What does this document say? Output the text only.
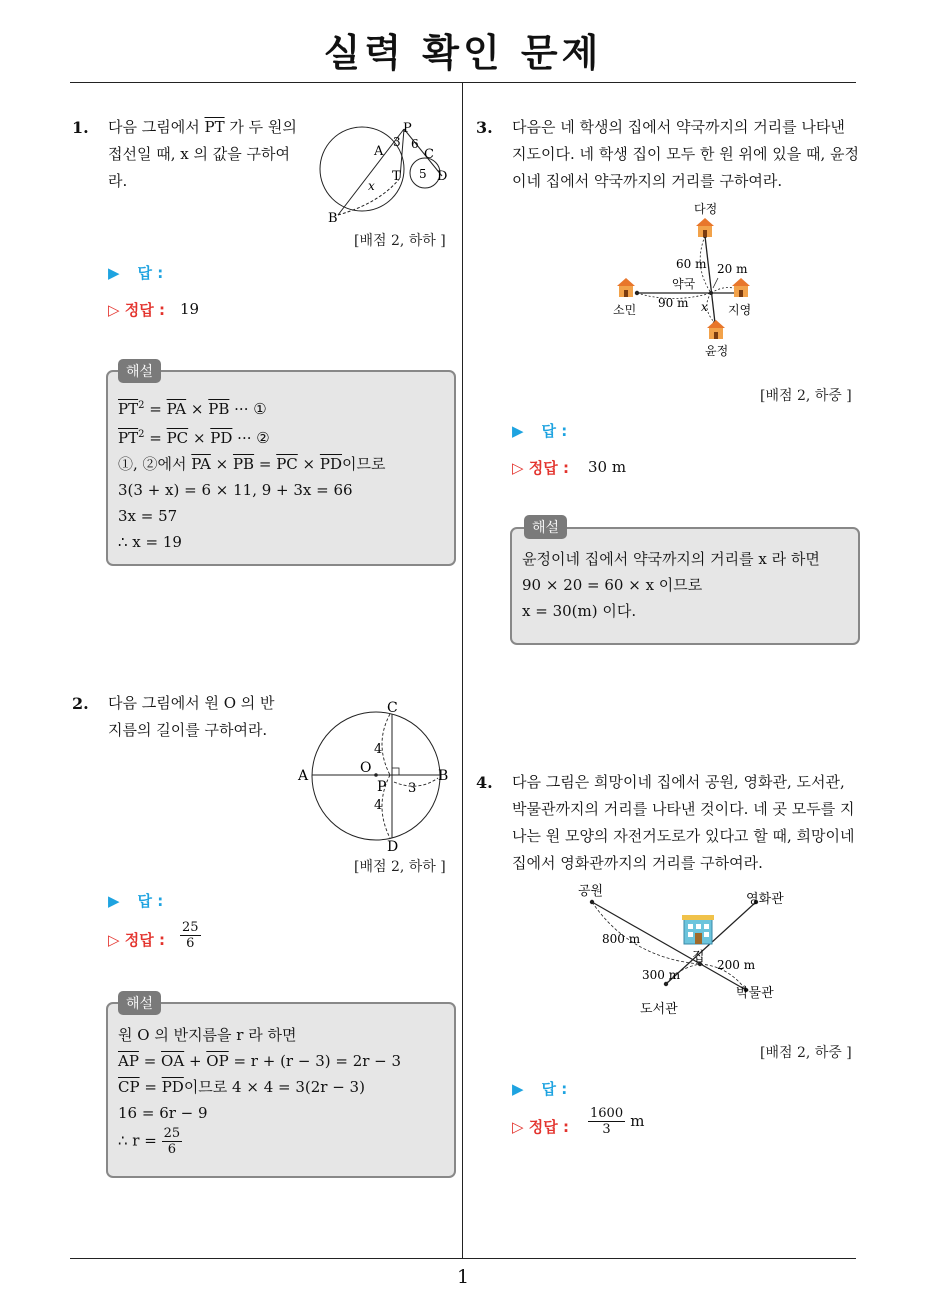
실력 확인 문제
1. 다음 그림에서 $\overline{PT}$ 가 두 원의
접선일 때, x 의 값을 구하여
라.
P
A
B
C
D
T
3 6
5
x
[배점 2, 하하 ]
▶ 답 :
▷ 정답 : 19
해설
$\overline{PT}^2 = \overline{PA} \times \overline{PB}$ ··· ①
$\overline{PT}^2 = \overline{PC} \times \overline{PD}$ ··· ②
①, ②에서 $\overline{PA} \times \overline{PB} = \overline{PC} \times \overline{PD}$이므로
3(3 + x) = 6 × 11, 9 + 3x = 66
3x = 57
∴ x = 19
2. 다음 그림에서 원 O 의 반
지름의 길이를 구하여라.
A	B
C
D
O
P
4
4
3
[배점 2, 하하 ]
▶ 답 :
▷ 정답 : $\frac{25}{6}$
해설
원 O 의 반지름을 r 라 하면
$\overline{AP} = \overline{OA} + \overline{OP} = r + (r - 3) = 2r - 3$
$\overline{CP} = \overline{PD}$이므로 4 × 4 = 3(2r − 3)
16 = 6r − 9
∴ $r = \frac{25}{6}$
3. 다음은 네 학생의 집에서 약국까지의 거리를 나타낸
지도이다. 네 학생 집이 모두 한 원 위에 있을 때, 윤정
이네 집에서 약국까지의 거리를 구하여라.
다정
소민	지영
윤정
약국
60 m 20 m
90 m x
[배점 2, 하중 ]
▶ 답 :
▷ 정답 : 30 m
해설
윤정이네 집에서 약국까지의 거리를 x 라 하면
90 × 20 = 60 × x 이므로
x = 30(m) 이다.
4. 다음 그림은 희망이네 집에서 공원, 영화관, 도서관,
박물관까지의 거리를 나타낸 것이다. 네 곳 모두를 지
나는 원 모양의 자전거도로가 있다고 할 때, 희망이네
집에서 영화관까지의 거리를 구하여라.
공원
영화관
집
도서관
박물관
800 m
300 m
200 m
[배점 2, 하중 ]
▶ 답 :
▷ 정답 : $\frac{1600}{3}$ m
1
